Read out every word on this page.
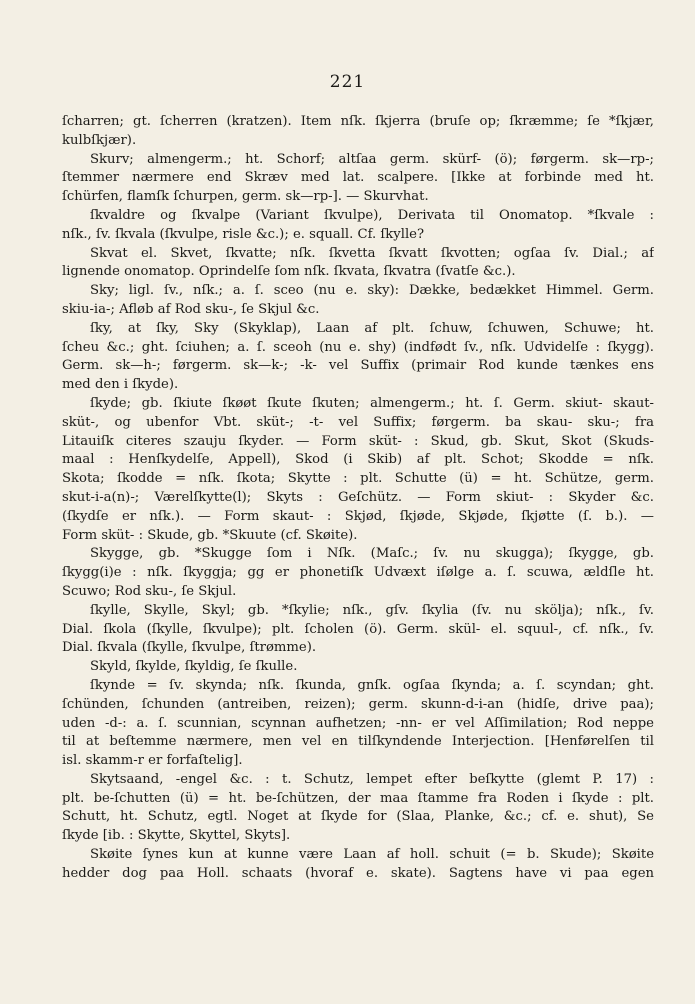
221
ſcharren; gt. ſcherren (kratzen). Item nſk. ſkjerra (bruſe op; ſkræmme; ſe *ſkjær,
kulbſkjær).
Skurv; almengerm.; ht. Schorf; altſaa germ. skürf- (ö); førgerm. sk—rp-;
ſtemmer nærmere end Skræv med lat. scalpere. [Ikke at forbinde med ht.
ſchürfen, flamſk ſchurpen, germ. sk—rp-]. — Skurvhat.
ſkvaldre og ſkvalpe (Variant ſkvulpe), Derivata til Onomatop. *ſkvale :
nſk., ſv. ſkvala (ſkvulpe, risle &c.); e. squall. Cf. ſkylle?
Skvat el. Skvet, ſkvatte; nſk. ſkvetta ſkvatt ſkvotten; ogſaa ſv. Dial.; af
lignende onomatop. Oprindelſe ſom nſk. ſkvata, ſkvatra (ſvatſe &c.).
Sky; ligl. ſv., nſk.; a. ſ. sceo (nu e. sky): Dække, bedækket Himmel. Germ.
skiu-ia-; Afløb af Rod sku-, ſe Skjul &c.
ſky, at ſky, Sky (Skyklap), Laan af plt. ſchuw, ſchuwen, Schuwe; ht.
ſcheu &c.; ght. ſciuhen; a. ſ. sceoh (nu e. shy) (indfødt ſv., nſk. Udvidelſe : ſkygg).
Germ. sk—h-; førgerm. sk—k-; -k- vel Suffix (primair Rod kunde tænkes ens
med den i ſkyde).
ſkyde; gb. ſkiute ſkøøt ſkute ſkuten; almengerm.; ht. ſ. Germ. skiut- skaut-
sküt-, og ubenfor Vbt. sküt-; -t- vel Suffix; førgerm. ba skau- sku-; fra
Litauiſk citeres szauju ſkyder. — Form sküt- : Skud, gb. Skut, Skot (Skuds-
maal : Henſkydelſe, Appell), Skod (i Skib) af plt. Schot; Skodde = nſk.
Skota; ſkodde = nſk. ſkota; Skytte : plt. Schutte (ü) = ht. Schütze, germ.
skut-i-a(n)-; Værelſkytte(l); Skyts : Geſchütz. — Form skiut- : Skyder &c.
(ſkydſe er nſk.). — Form skaut- : Skjød, ſkjøde, Skjøde, ſkjøtte (ſ. b.). —
Form sküt- : Skude, gb. *Skuute (cf. Skøite).
Skygge, gb. *Skugge ſom i Nſk. (Maſc.; ſv. nu skugga); ſkygge, gb.
ſkygg(i)e : nſk. ſkyggja; gg er phonetiſk Udvæxt iſølge a. ſ. scuwa, ældſle ht.
Scuwo; Rod sku-, ſe Skjul.
ſkylle, Skylle, Skyl; gb. *ſkylie; nſk., gſv. ſkylia (ſv. nu skölja); nſk., ſv.
Dial. ſkola (ſkylle, ſkvulpe); plt. ſcholen (ö). Germ. skül- el. squul-, cf. nſk., ſv.
Dial. ſkvala (ſkylle, ſkvulpe, ſtrømme).
Skyld, ſkylde, ſkyldig, ſe ſkulle.
ſkynde = ſv. skynda; nſk. ſkunda, gnſk. ogſaa ſkynda; a. ſ. scyndan; ght.
ſchünden, ſchunden (antreiben, reizen); germ. skunn-d-i-an (hidſe, drive paa);
uden -d-: a. ſ. scunnian, scynnan aufhetzen; -nn- er vel Aſſimilation; Rod neppe
til at beſtemme nærmere, men vel en tilſkyndende Interjection. [Henførelſen til
isl. skamm-r er forfaſtelig].
Skytsaand, -engel &c. : t. Schutz, lempet efter beſkytte (glemt P. 17) :
plt. be-ſchutten (ü) = ht. be-ſchützen, der maa ſtamme fra Roden i ſkyde : plt.
Schutt, ht. Schutz, egtl. Noget at ſkyde for (Slaa, Planke, &c.; cf. e. shut), Se
ſkyde [ib. : Skytte, Skyttel, Skyts].
Skøite ſynes kun at kunne være Laan af holl. schuit (= b. Skude); Skøite
hedder dog paa Holl. schaats (hvoraf e. skate). Sagtens have vi paa egen
